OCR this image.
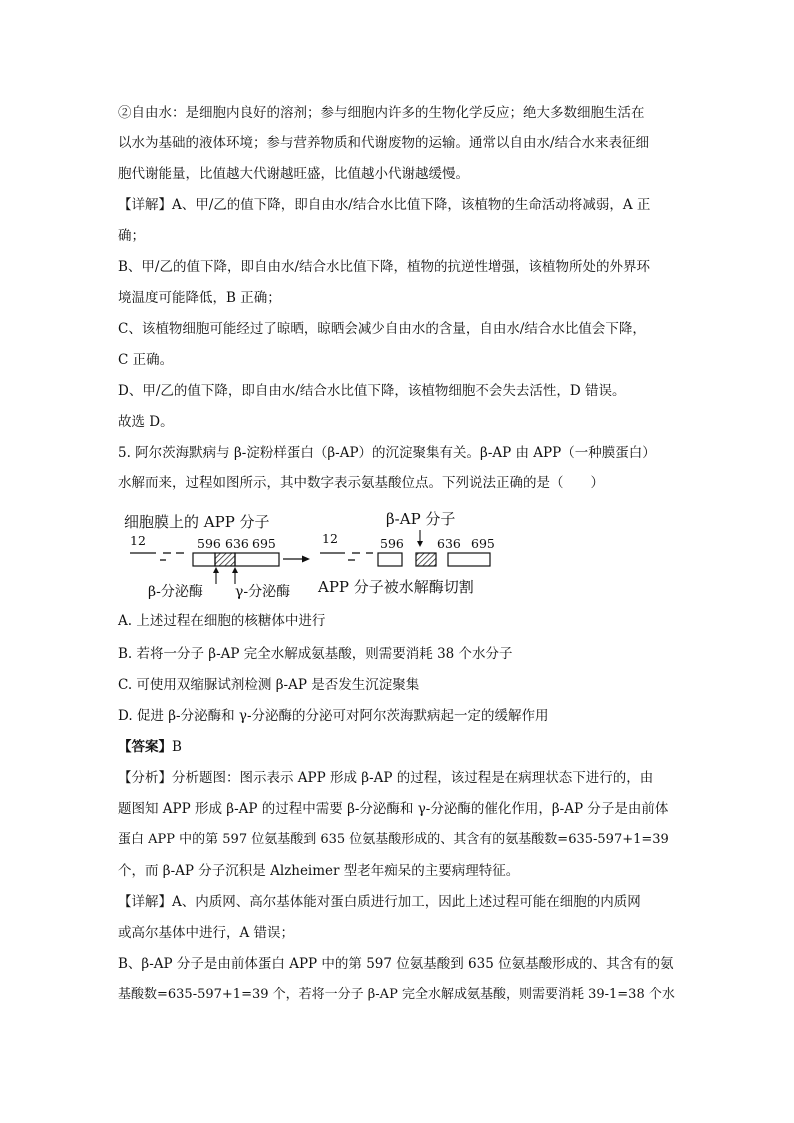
②自由水：是细胞内良好的溶剂；参与细胞内许多的生物化学反应；绝大多数细胞生活在
以水为基础的液体环境；参与营养物质和代谢废物的运输。通常以自由水/结合水来表征细
胞代谢能量，比值越大代谢越旺盛，比值越小代谢越缓慢。
【详解】A、甲/乙的值下降，即自由水/结合水比值下降，该植物的生命活动将减弱，A 正
确；
B、甲/乙的值下降，即自由水/结合水比值下降，植物的抗逆性增强，该植物所处的外界环
境温度可能降低，B 正确；
C、该植物细胞可能经过了晾晒，晾晒会减少自由水的含量，自由水/结合水比值会下降，
C 正确。
D、甲/乙的值下降，即自由水/结合水比值下降，该植物细胞不会失去活性，D 错误。
故选 D。
5. 阿尔茨海默病与 β-淀粉样蛋白（β-AP）的沉淀聚集有关。β-AP 由 APP（一种膜蛋白）
水解而来，过程如图所示，其中数字表示氨基酸位点。下列说法正确的是（　　）
细胞膜上的 APP 分子
12	596 636 695
β-分泌酶 γ-分泌酶
β-AP 分子
12	596	636 695
APP 分子被水解酶切割
A. 上述过程在细胞的核糖体中进行
B. 若将一分子 β-AP 完全水解成氨基酸，则需要消耗 38 个水分子
C. 可使用双缩脲试剂检测 β-AP 是否发生沉淀聚集
D. 促进 β-分泌酶和 γ-分泌酶的分泌可对阿尔茨海默病起一定的缓解作用
【答案】B
【分析】分析题图：图示表示 APP 形成 β-AP 的过程，该过程是在病理状态下进行的，由
题图知 APP 形成 β-AP 的过程中需要 β-分泌酶和 γ-分泌酶的催化作用，β-AP 分子是由前体
蛋白 APP 中的第 597 位氨基酸到 635 位氨基酸形成的、其含有的氨基酸数=635-597+1=39
个，而 β-AP 分子沉积是 Alzheimer 型老年痴呆的主要病理特征。
【详解】A、内质网、高尔基体能对蛋白质进行加工，因此上述过程可能在细胞的内质网
或高尔基体中进行，A 错误；
B、β-AP 分子是由前体蛋白 APP 中的第 597 位氨基酸到 635 位氨基酸形成的、其含有的氨
基酸数=635-597+1=39 个，若将一分子 β-AP 完全水解成氨基酸，则需要消耗 39-1=38 个水
